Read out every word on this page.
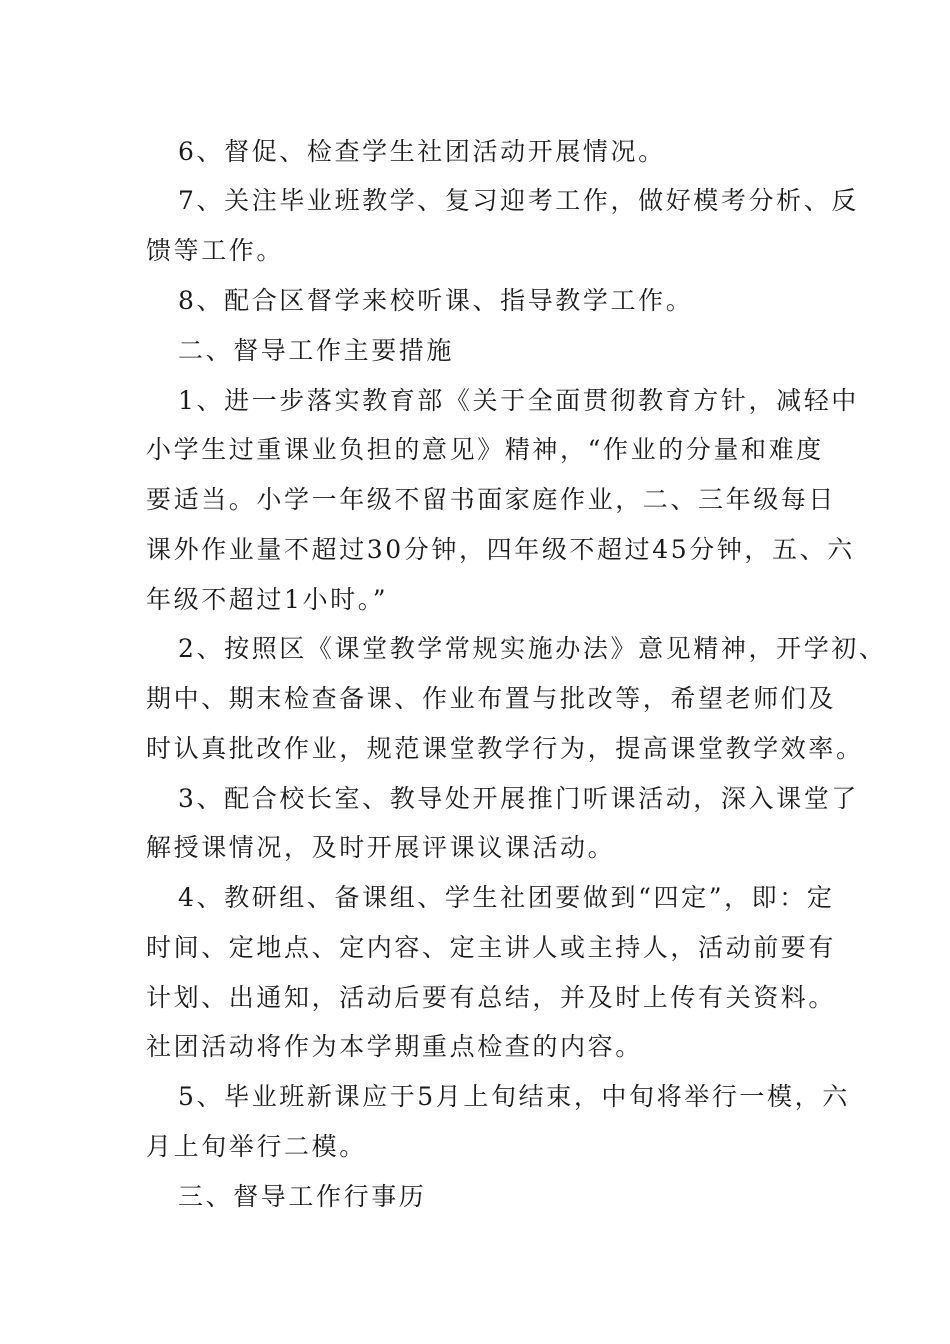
6、督促、检查学生社团活动开展情况。
7、关注毕业班教学、复习迎考工作，做好模考分析、反
馈等工作。
8、配合区督学来校听课、指导教学工作。
二、督导工作主要措施
1、进一步落实教育部《关于全面贯彻教育方针，减轻中
小学生过重课业负担的意见》精神，“作业的分量和难度
要适当。小学一年级不留书面家庭作业，二、三年级每日
课外作业量不超过30分钟，四年级不超过45分钟，五、六
年级不超过1小时。”
2、按照区《课堂教学常规实施办法》意见精神，开学初、
期中、期末检查备课、作业布置与批改等，希望老师们及
时认真批改作业，规范课堂教学行为，提高课堂教学效率。
3、配合校长室、教导处开展推门听课活动，深入课堂了
解授课情况，及时开展评课议课活动。
4、教研组、备课组、学生社团要做到“四定”，即：定
时间、定地点、定内容、定主讲人或主持人，活动前要有
计划、出通知，活动后要有总结，并及时上传有关资料。
社团活动将作为本学期重点检查的内容。
5、毕业班新课应于5月上旬结束，中旬将举行一模，六
月上旬举行二模。
三、督导工作行事历
